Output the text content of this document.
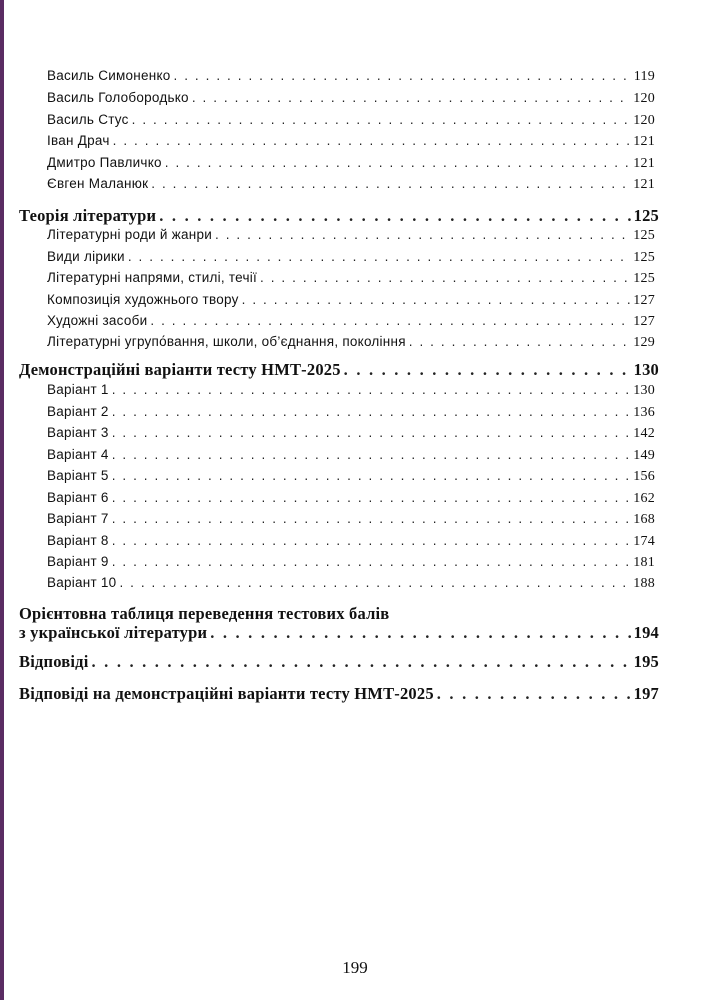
Василь Симоненко . . .	119
Василь Голобородько . . .	120
Василь Стус . . .	120
Іван Драч . . .	121
Дмитро Павличко . . .	121
Євген Маланюк . . .	121
Теорія літератури . . .	125
Літературні роди й жанри . . .	125
Види лірики . . .	125
Літературні напрями, стилі, течії . . .	125
Композиція художнього твору . . .	127
Художні засоби . . .	127
Літературні угрупо́вання, школи, об’єднання, покоління . . .	129
Демонстраційні варіанти тесту НМТ-2025 . . .	130
Варіант 1 . . .	130
Варіант 2 . . .	136
Варіант 3 . . .	142
Варіант 4 . . .	149
Варіант 5 . . .	156
Варіант 6 . . .	162
Варіант 7 . . .	168
Варіант 8 . . .	174
Варіант 9 . . .	181
Варіант 10 . . .	188
Орієнтовна таблиця переведення тестових балів
з української літератури . . .	194
Відповіді . . .	195
Відповіді на демонстраційні варіанти тесту НМТ-2025 . . .	197
199
